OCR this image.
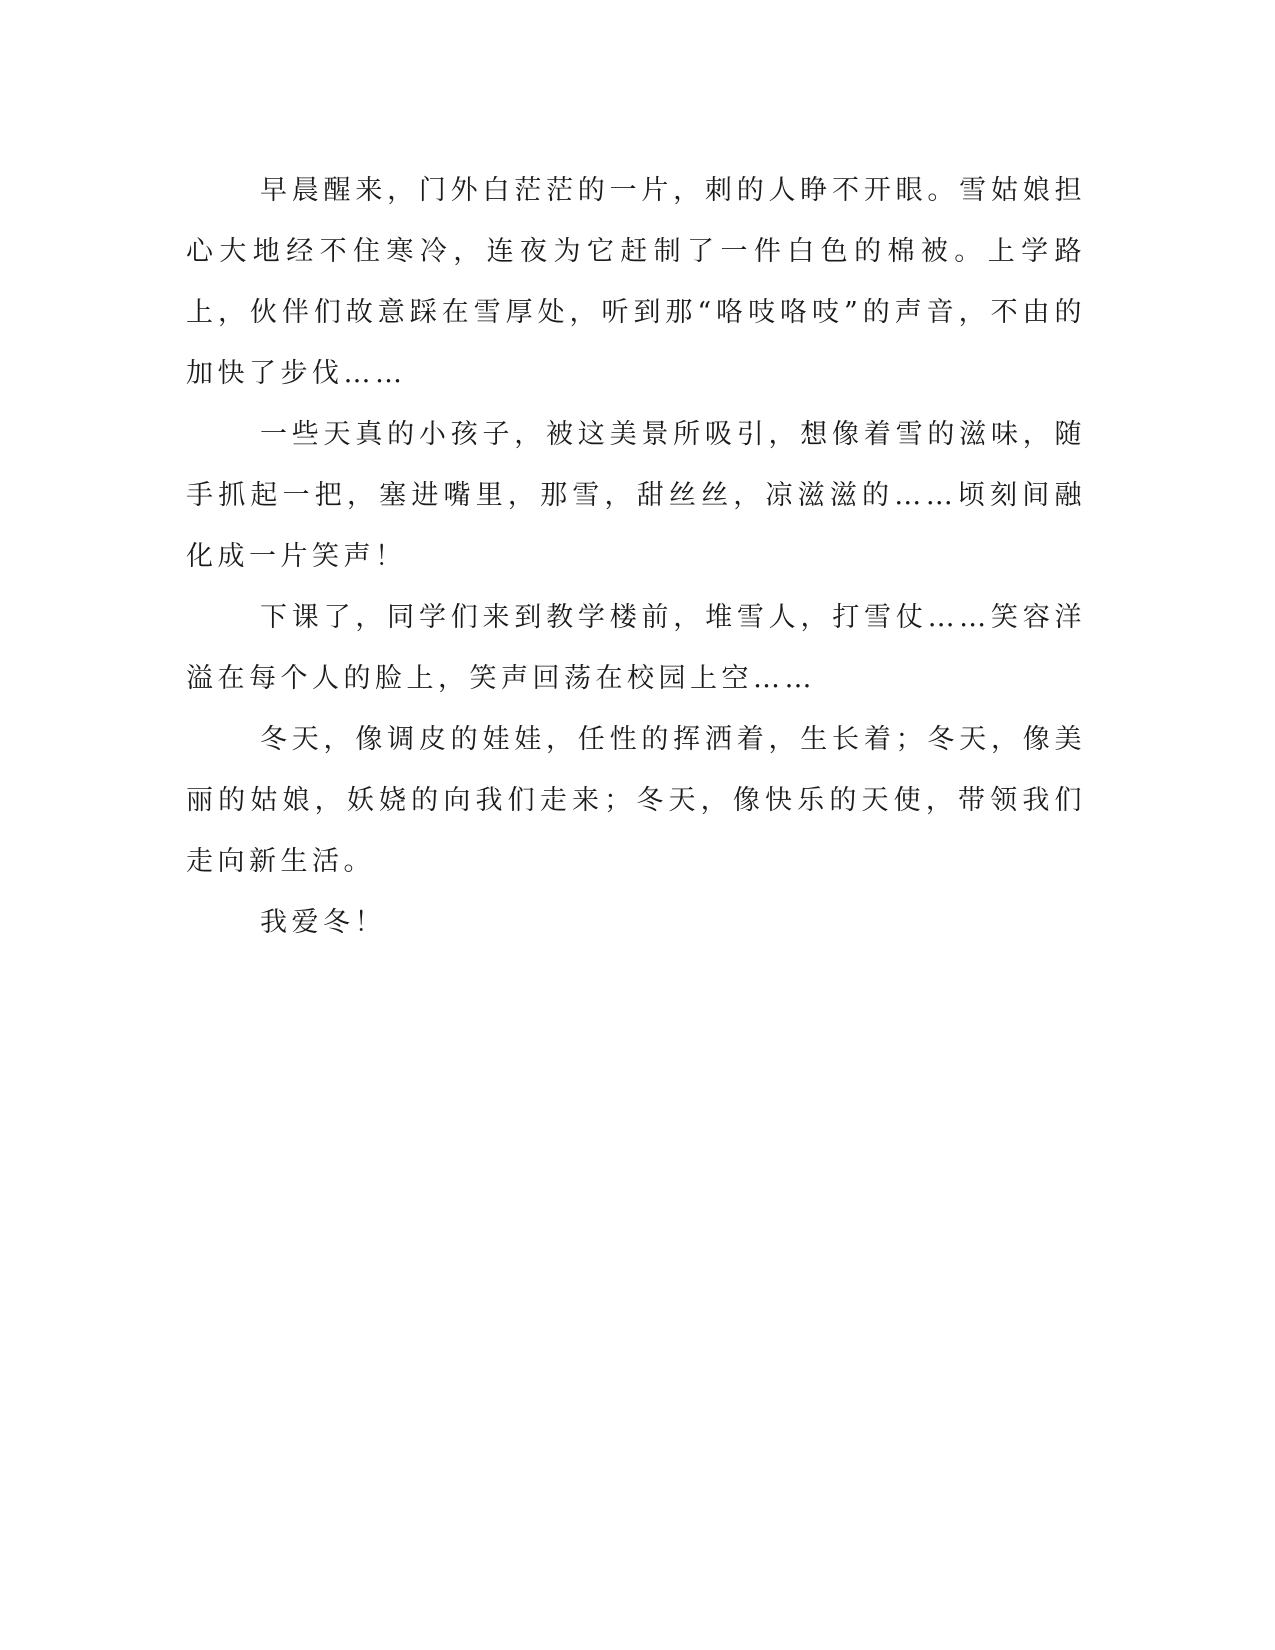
早晨醒来，门外白茫茫的一片，刺的人睁不开眼。雪姑娘担心大地经不住寒冷，连夜为它赶制了一件白色的棉被。上学路上，伙伴们故意踩在雪厚处，听到那“咯吱咯吱”的声音，不由的加快了步伐……

一些天真的小孩子，被这美景所吸引，想像着雪的滋味，随手抓起一把，塞进嘴里，那雪，甜丝丝，凉滋滋的……顷刻间融化成一片笑声！

下课了，同学们来到教学楼前，堆雪人，打雪仗……笑容洋溢在每个人的脸上，笑声回荡在校园上空……

冬天，像调皮的娃娃，任性的挥洒着，生长着；冬天，像美丽的姑娘，妖娆的向我们走来；冬天，像快乐的天使，带领我们走向新生活。

我爱冬！
